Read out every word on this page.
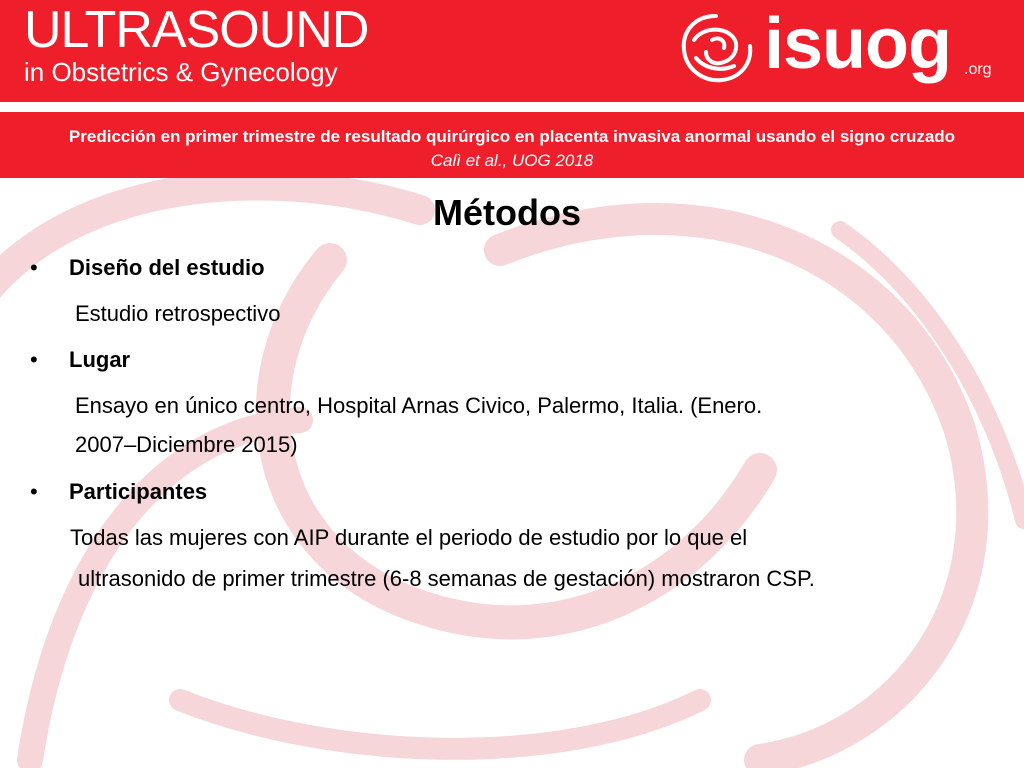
ULTRASOUND
in Obstetrics & Gynecology	isuog .org
Predicción en primer trimestre de resultado quirúrgico en placenta invasiva anormal usando el signo cruzado
Calì et al., UOG 2018
Métodos
•	Diseño del estudio
Estudio retrospectivo
•	Lugar
Ensayo en único centro, Hospital Arnas Civico, Palermo, Italia. (Enero.
2007–Diciembre 2015)
•	Participantes
Todas las mujeres con AIP durante el periodo de estudio por lo que el
ultrasonido de primer trimestre (6-8 semanas de gestación) mostraron CSP.
